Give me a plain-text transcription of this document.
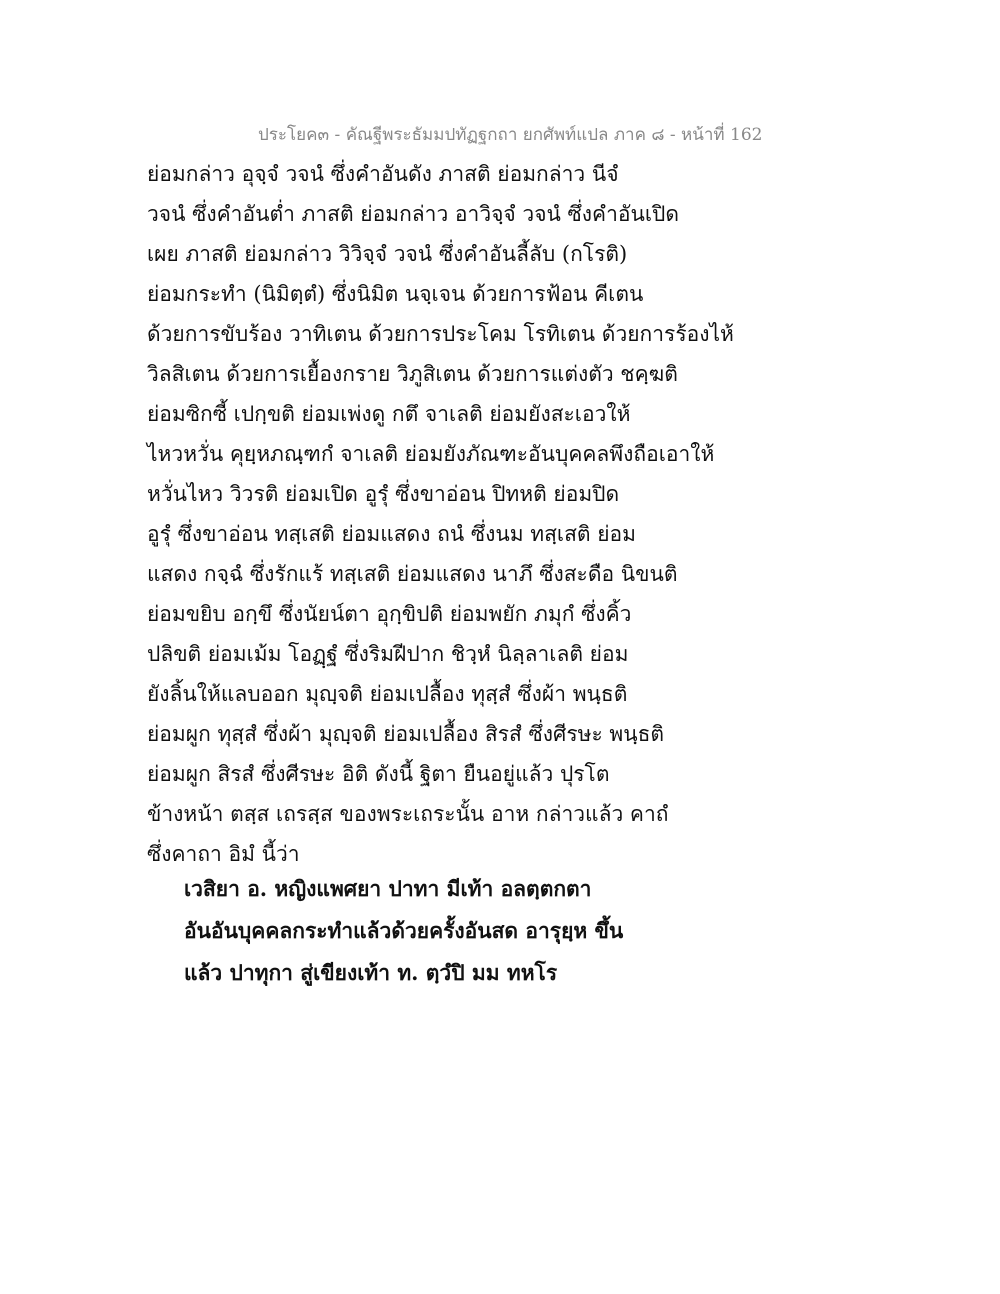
ประโยค๓ - คัณฐีพระธัมมปทัฏฐกถา ยกศัพท์แปล ภาค ๘ - หน้าที่ 162
ย่อมกล่าว อุจฺจํ วจนํ ซึ่งคำอันดัง ภาสติ ย่อมกล่าว นีจํ
วจนํ ซึ่งคำอันต่ำ ภาสติ ย่อมกล่าว อาวิจฺจํ วจนํ ซึ่งคำอันเปิด
เผย ภาสติ ย่อมกล่าว วิวิจฺจํ วจนํ ซึ่งคำอันลี้ลับ (กโรติ)
ย่อมกระทำ (นิมิตฺตํ) ซึ่งนิมิต นจฺเจน ด้วยการฟ้อน คีเตน
ด้วยการขับร้อง วาทิเตน ด้วยการประโคม โรทิเตน ด้วยการร้องไห้
วิลสิเตน ด้วยการเยื้องกราย วิภูสิเตน ด้วยการแต่งตัว ชคฺฆติ
ย่อมซิกซี้ เปกฺขติ ย่อมเพ่งดู กตึ จาเลติ ย่อมยังสะเอวให้
ไหวหวั่น คุยฺหภณฺฑกํ จาเลติ ย่อมยังภัณฑะอันบุคคลพึงถือเอาให้
หวั่นไหว วิวรติ ย่อมเปิด อูรุํ ซึ่งขาอ่อน ปิทหติ ย่อมปิด
อูรุํ ซึ่งขาอ่อน ทสฺเสติ ย่อมแสดง ถนํ ซึ่งนม ทสฺเสติ ย่อม
แสดง กจฺฉํ ซึ่งรักแร้ ทสฺเสติ ย่อมแสดง นาภึ ซึ่งสะดือ นิขนติ
ย่อมขยิบ อกฺขึ ซึ่งนัยน์ตา อุกฺขิปติ ย่อมพยัก ภมุกํ ซึ่งคิ้ว
ปลิขติ ย่อมเม้ม โอฏฺฐํ ซึ่งริมฝีปาก ชิวฺหํ นิลฺลาเลติ ย่อม
ยังลิ้นให้แลบออก มุญฺจติ ย่อมเปลื้อง ทุสฺสํ ซึ่งผ้า พนฺธติ
ย่อมผูก ทุสฺสํ ซึ่งผ้า มุญฺจติ ย่อมเปลื้อง สิรสํ ซึ่งศีรษะ พนฺธติ
ย่อมผูก สิรสํ ซึ่งศีรษะ อิติ ดังนี้ ฐิตา ยืนอยู่แล้ว ปุรโต
ข้างหน้า ตสฺส เถรสฺส ของพระเถระนั้น อาห กล่าวแล้ว คาถํ
ซึ่งคาถา อิมํ นี้ว่า
เวสิยา อ. หญิงแพศยา ปาทา มีเท้า อลตฺตกตา
อันอันบุคคลกระทำแล้วด้วยครั้งอันสด อารุยฺห ขึ้น
แล้ว ปาทุกา สู่เขียงเท้า ท. ตฺวํปิ มม ทหโร
